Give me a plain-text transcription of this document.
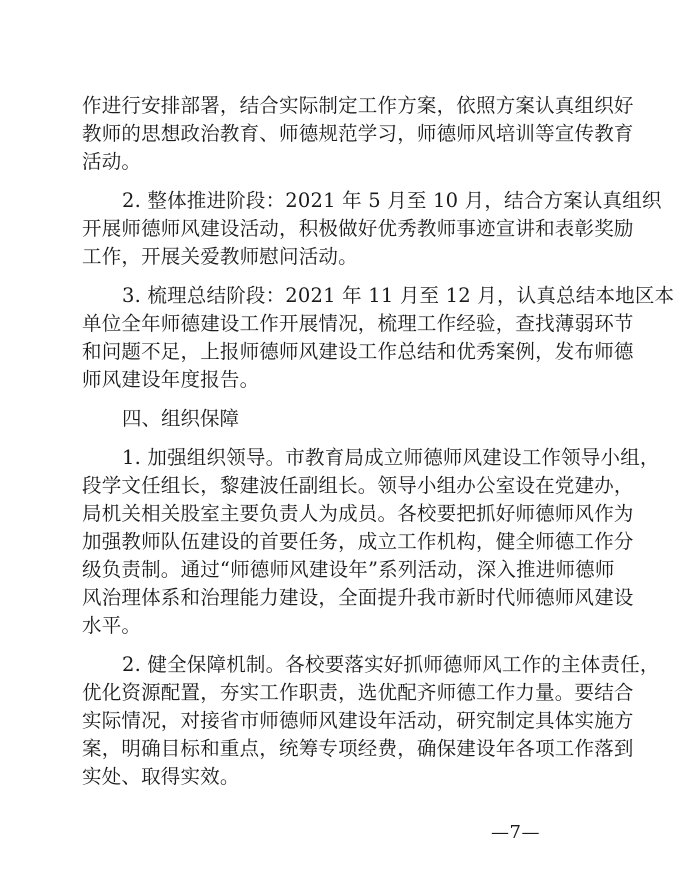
作进行安排部署，结合实际制定工作方案，依照方案认真组织好
教师的思想政治教育、师德规范学习，师德师风培训等宣传教育
活动。
2. 整体推进阶段：2021 年 5 月至 10 月，结合方案认真组织
开展师德师风建设活动，积极做好优秀教师事迹宣讲和表彰奖励
工作，开展关爱教师慰问活动。
3. 梳理总结阶段：2021 年 11 月至 12 月，认真总结本地区本
单位全年师德建设工作开展情况，梳理工作经验，查找薄弱环节
和问题不足，上报师德师风建设工作总结和优秀案例，发布师德
师风建设年度报告。
四、组织保障
1. 加强组织领导。市教育局成立师德师风建设工作领导小组，
段学文任组长，黎建波任副组长。领导小组办公室设在党建办，
局机关相关股室主要负责人为成员。各校要把抓好师德师风作为
加强教师队伍建设的首要任务，成立工作机构，健全师德工作分
级负责制。通过“师德师风建设年”系列活动，深入推进师德师
风治理体系和治理能力建设，全面提升我市新时代师德师风建设
水平。
2. 健全保障机制。各校要落实好抓师德师风工作的主体责任，
优化资源配置，夯实工作职责，选优配齐师德工作力量。要结合
实际情况，对接省市师德师风建设年活动，研究制定具体实施方
案，明确目标和重点，统筹专项经费，确保建设年各项工作落到
实处、取得实效。
—7—
